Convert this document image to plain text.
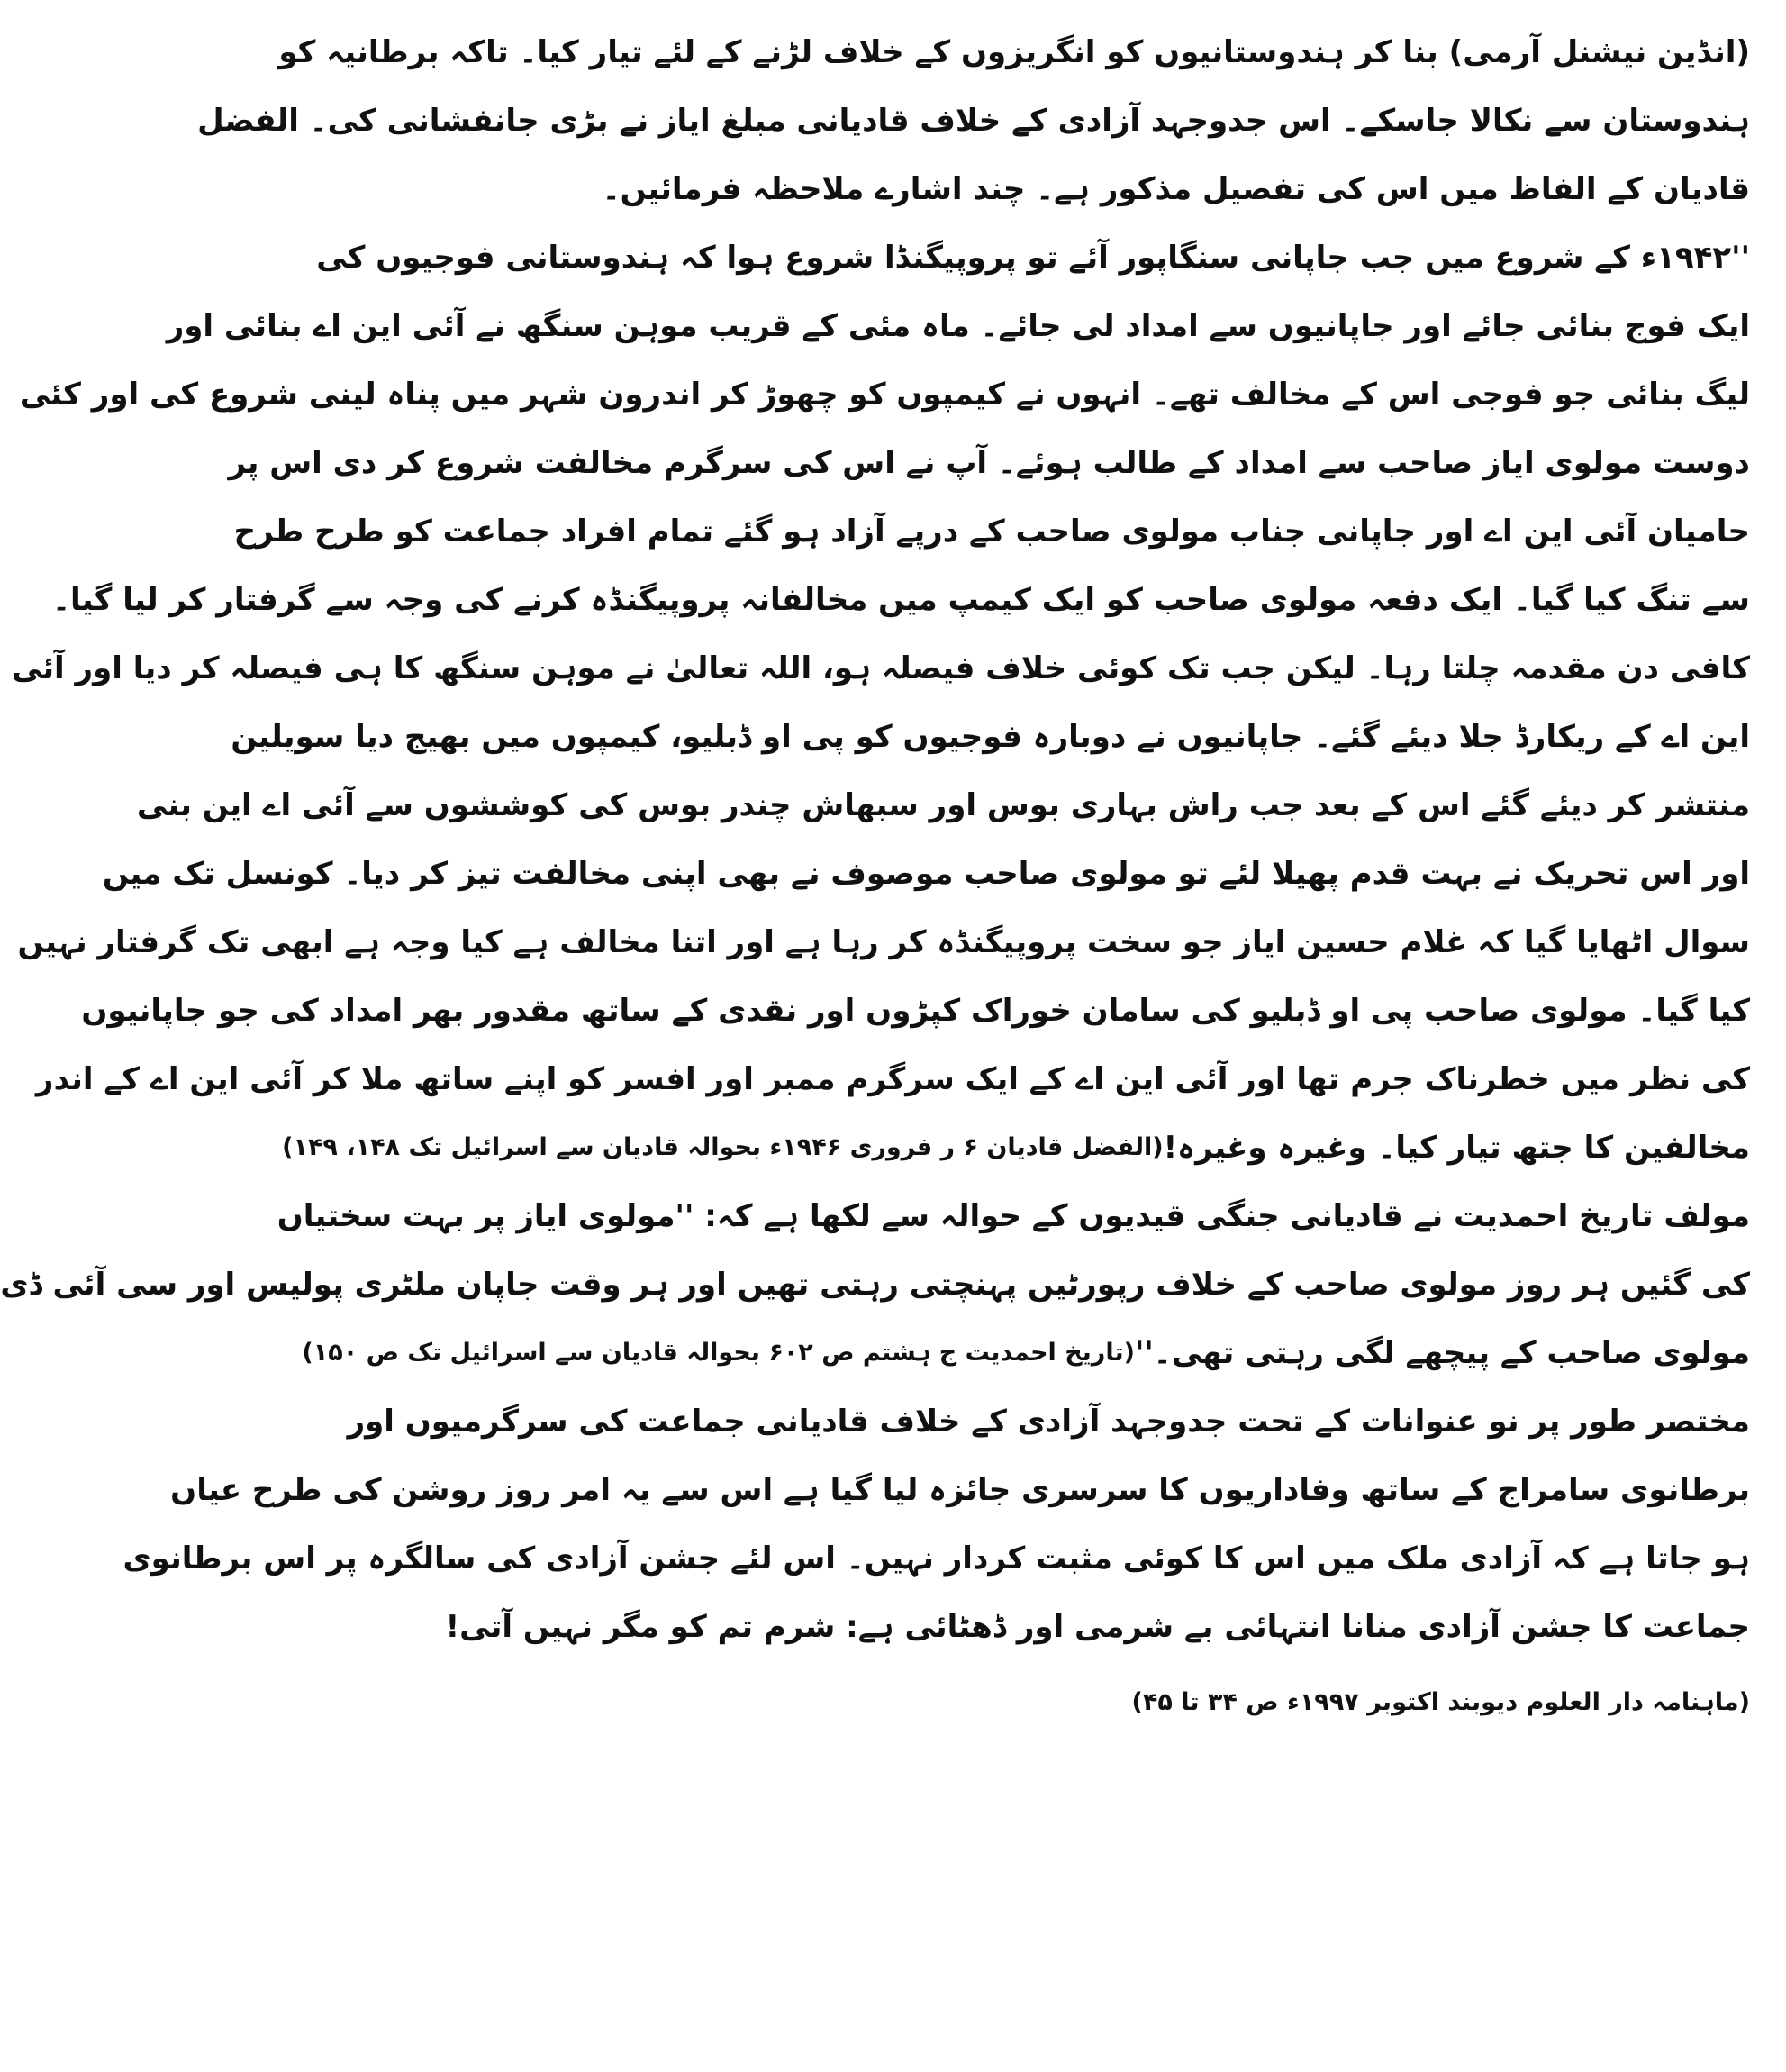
(انڈین نیشنل آرمی) بنا کر ہندوستانیوں کو انگریزوں کے خلاف لڑنے کے لئے تیار کیا۔ تاکہ برطانیہ کو
ہندوستان سے نکالا جاسکے۔ اس جدوجہد آزادی کے خلاف قادیانی مبلغ ایاز نے بڑی جانفشانی کی۔ الفضل
قادیان کے الفاظ میں اس کی تفصیل مذکور ہے۔ چند اشارے ملاحظہ فرمائیں۔
''۱۹۴۲ء کے شروع میں جب جاپانی سنگاپور آئے تو پروپیگنڈا شروع ہوا کہ ہندوستانی فوجیوں کی
ایک فوج بنائی جائے اور جاپانیوں سے امداد لی جائے۔ ماہ مئی کے قریب موہن سنگھ نے آئی این اے بنائی اور
لیگ بنائی جو فوجی اس کے مخالف تھے۔ انہوں نے کیمپوں کو چھوڑ کر اندرون شہر میں پناہ لینی شروع کی اور کئی
دوست مولوی ایاز صاحب سے امداد کے طالب ہوئے۔ آپ نے اس کی سرگرم مخالفت شروع کر دی اس پر
حامیان آئی این اے اور جاپانی جناب مولوی صاحب کے درپے آزاد ہو گئے تمام افراد جماعت کو طرح طرح
سے تنگ کیا گیا۔ ایک دفعہ مولوی صاحب کو ایک کیمپ میں مخالفانہ پروپیگنڈہ کرنے کی وجہ سے گرفتار کر لیا گیا۔
کافی دن مقدمہ چلتا رہا۔ لیکن جب تک کوئی خلاف فیصلہ ہو، اللہ تعالیٰ نے موہن سنگھ کا ہی فیصلہ کر دیا اور آئی
این اے کے ریکارڈ جلا دیئے گئے۔ جاپانیوں نے دوبارہ فوجیوں کو پی او ڈبلیو، کیمپوں میں بھیج دیا سویلین
منتشر کر دیئے گئے اس کے بعد جب راش بہاری بوس اور سبھاش چندر بوس کی کوششوں سے آئی اے این بنی
اور اس تحریک نے بہت قدم پھیلا لئے تو مولوی صاحب موصوف نے بھی اپنی مخالفت تیز کر دیا۔ کونسل تک میں
سوال اٹھایا گیا کہ غلام حسین ایاز جو سخت پروپیگنڈہ کر رہا ہے اور اتنا مخالف ہے کیا وجہ ہے ابھی تک گرفتار نہیں
کیا گیا۔ مولوی صاحب پی او ڈبلیو کی سامان خوراک کپڑوں اور نقدی کے ساتھ مقدور بھر امداد کی جو جاپانیوں
کی نظر میں خطرناک جرم تھا اور آئی این اے کے ایک سرگرم ممبر اور افسر کو اپنے ساتھ ملا کر آئی این اے کے اندر
مخالفین کا جتھ تیار کیا۔ وغیرہ وغیرہ!
(الفضل قادیان ۶ ر فروری ۱۹۴۶ء بحوالہ قادیان سے اسرائیل تک ۱۴۸، ۱۴۹)
مولف تاریخ احمدیت نے قادیانی جنگی قیدیوں کے حوالہ سے لکھا ہے کہ: ''مولوی ایاز پر بہت سختیاں
کی گئیں ہر روز مولوی صاحب کے خلاف رپورٹیں پہنچتی رہتی تھیں اور ہر وقت جاپان ملٹری پولیس اور سی آئی ڈی
مولوی صاحب کے پیچھے لگی رہتی تھی۔''
(تاریخ احمدیت ج ہشتم ص ۶۰۲ بحوالہ قادیان سے اسرائیل تک ص ۱۵۰)
مختصر طور پر نو عنوانات کے تحت جدوجہد آزادی کے خلاف قادیانی جماعت کی سرگرمیوں اور
برطانوی سامراج کے ساتھ وفاداریوں کا سرسری جائزہ لیا گیا ہے اس سے یہ امر روز روشن کی طرح عیاں
ہو جاتا ہے کہ آزادی ملک میں اس کا کوئی مثبت کردار نہیں۔ اس لئے جشن آزادی کی سالگرہ پر اس برطانوی
جماعت کا جشن آزادی منانا انتہائی بے شرمی اور ڈھٹائی ہے: شرم تم کو مگر نہیں آتی!
(ماہنامہ دار العلوم دیوبند اکتوبر ۱۹۹۷ء ص ۳۴ تا ۴۵)
